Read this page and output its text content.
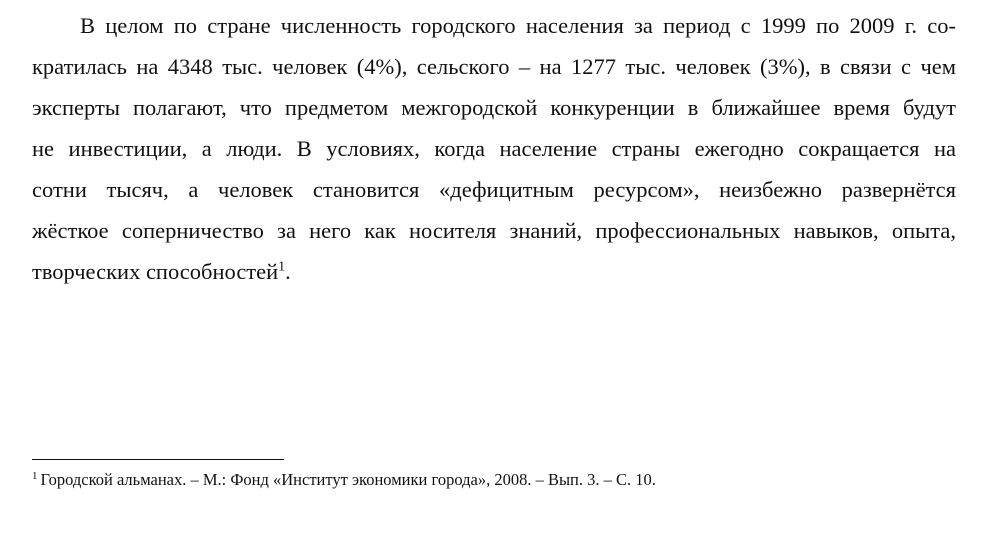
В целом по стране численность городского населения за период с 1999 по 2009 г. со-
кратилась на 4348 тыс. человек (4%), сельского – на 1277 тыс. человек (3%), в связи с чем
эксперты полагают, что предметом межгородской конкуренции в ближайшее время будут
не инвестиции, а люди. В условиях, когда население страны ежегодно сокращается на
сотни тысяч, а человек становится «дефицитным ресурсом», неизбежно развернётся
жёсткое соперничество за него как носителя знаний, профессиональных навыков, опыта,
творческих способностей$^1$.
$^1$ Городской альманах. – М.: Фонд «Институт экономики города», 2008. – Вып. 3. – С. 10.
